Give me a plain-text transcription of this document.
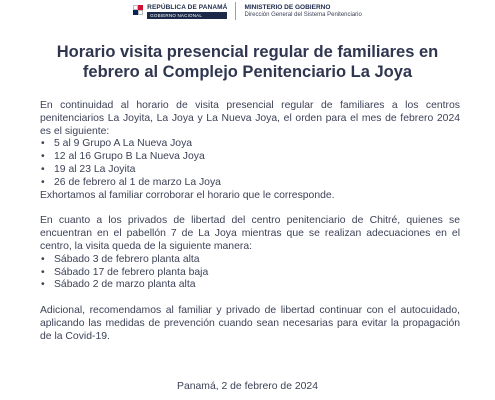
REPÚBLICA DE PANAMÁ
GOBIERNO NACIONAL
MINISTERIO DE GOBIERNO
Dirección General del Sistema Penitenciario
Horario visita presencial regular de familiares en
febrero al Complejo Penitenciario La Joya

En continuidad al horario de visita presencial regular de familiares a los centros penitenciarios La Joyita, La Joya y La Nueva Joya, el orden para el mes de febrero 2024 es el siguiente:

• 5 al 9 Grupo A La Nueva Joya
• 12 al 16 Grupo B La Nueva Joya
• 19 al 23 La Joyita
• 26 de febrero al 1 de marzo La Joya

Exhortamos al familiar corroborar el horario que le corresponde.

En cuanto a los privados de libertad del centro penitenciario de Chitré, quienes se encuentran en el pabellón 7 de La Joya mientras que se realizan adecuaciones en el centro, la visita queda de la siguiente manera:

• Sábado 3 de febrero planta alta
• Sábado 17 de febrero planta baja
• Sábado 2 de marzo planta alta

Adicional, recomendamos al familiar y privado de libertad continuar con el autocuidado, aplicando las medidas de prevención cuando sean necesarias para evitar la propagación de la Covid-19.

Panamá, 2 de febrero de 2024
